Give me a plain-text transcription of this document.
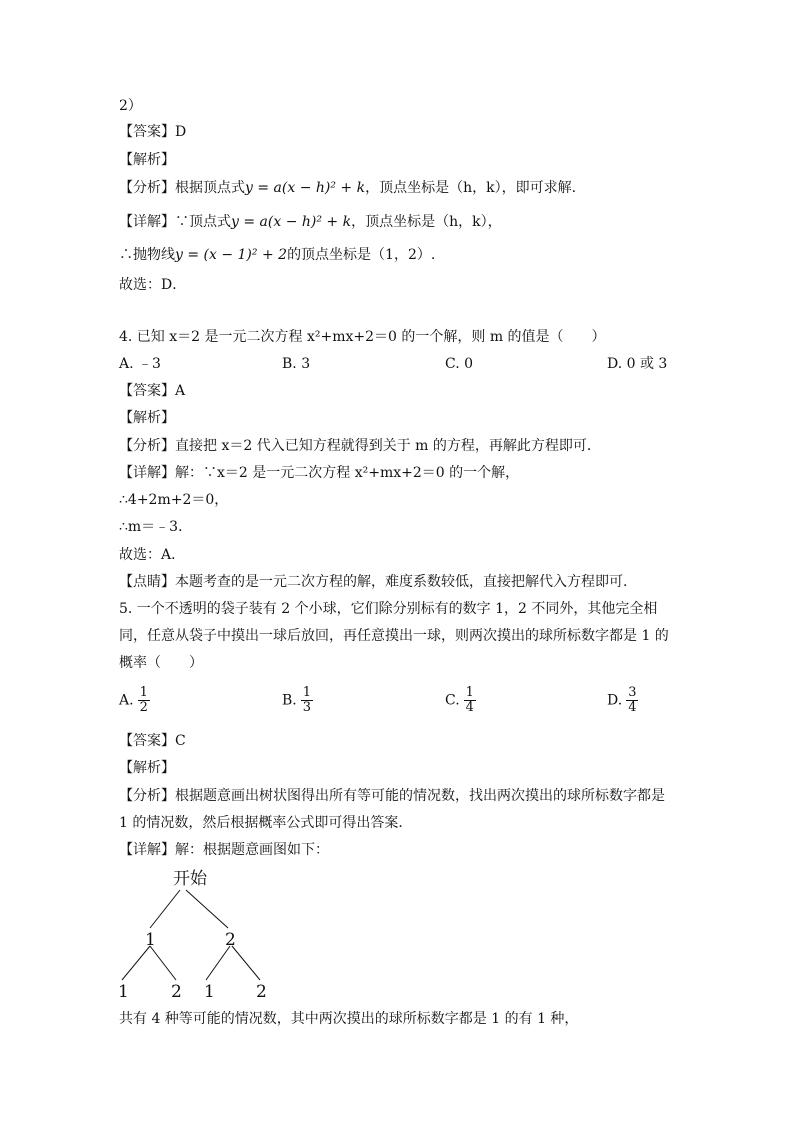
2）
【答案】D
【解析】
【分析】根据顶点式y = a(x − h)² + k，顶点坐标是（h，k），即可求解.
【详解】∵顶点式y = a(x − h)² + k，顶点坐标是（h，k），
∴抛物线y = (x − 1)² + 2的顶点坐标是（1，2）.
故选：D．
4. 已知 x＝2 是一元二次方程 x²+mx+2＝0 的一个解，则 m 的值是（　　）
A. ﹣3	B. 3	C. 0	D. 0 或 3
【答案】A
【解析】
【分析】直接把 x＝2 代入已知方程就得到关于 m 的方程，再解此方程即可．
【详解】解：∵x＝2 是一元二次方程 x²+mx+2＝0 的一个解，
∴4+2m+2＝0，
∴m＝﹣3．
故选：A．
【点睛】本题考查的是一元二次方程的解，难度系数较低，直接把解代入方程即可.
5. 一个不透明的袋子装有 2 个小球，它们除分别标有的数字 1，2 不同外，其他完全相
同，任意从袋子中摸出一球后放回，再任意摸出一球，则两次摸出的球所标数字都是 1 的
概率（　　）
A. $\frac{1}{2}$	B. $\frac{1}{3}$	C. $\frac{1}{4}$	D. $\frac{3}{4}$
【答案】C
【解析】
【分析】根据题意画出树状图得出所有等可能的情况数，找出两次摸出的球所标数字都是
1 的情况数，然后根据概率公式即可得出答案．
【详解】解：根据题意画图如下：
开始
1	2
1 2 1 2
共有 4 种等可能的情况数，其中两次摸出的球所标数字都是 1 的有 1 种，
